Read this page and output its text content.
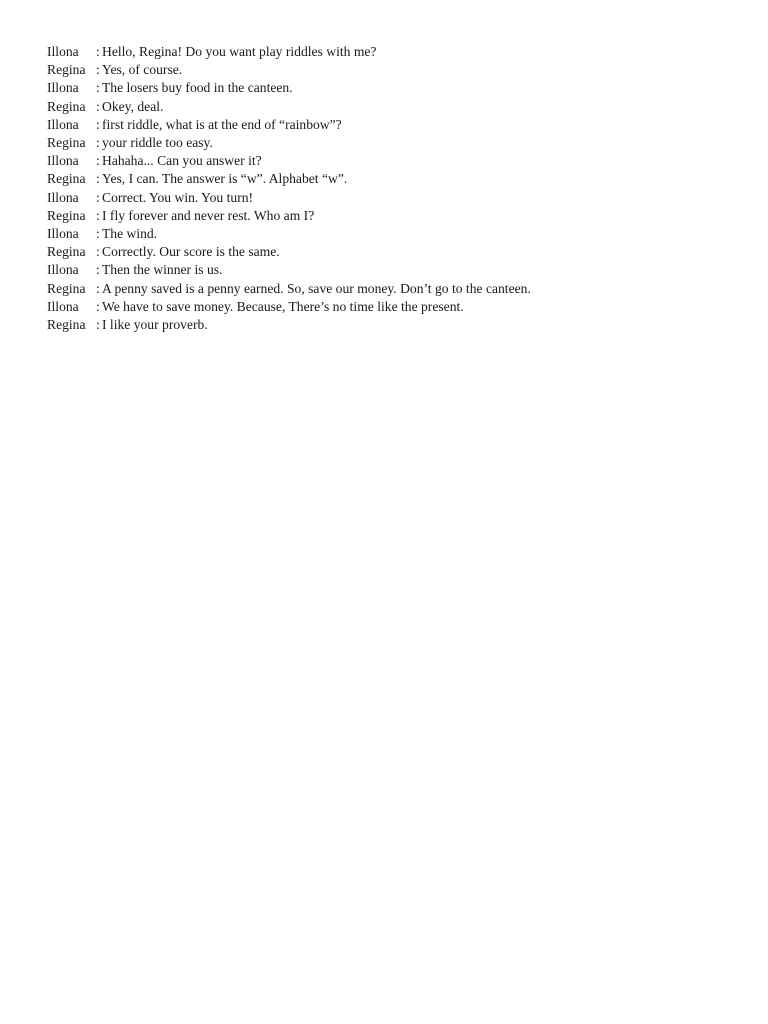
Illona	: Hello, Regina! Do you want play riddles with me?
Regina : Yes, of course.
Illona	: The losers buy food in the canteen.
Regina : Okey, deal.
Illona	: first riddle, what is at the end of “rainbow”?
Regina : your riddle too easy.
Illona	: Hahaha... Can you answer it?
Regina : Yes, I can. The answer is “w”. Alphabet “w”.
Illona	: Correct. You win. You turn!
Regina : I fly forever and never rest. Who am I?
Illona	: The wind.
Regina : Correctly. Our score is the same.
Illona	: Then the winner is us.
Regina : A penny saved is a penny earned. So, save our money. Don’t go to the canteen.
Illona	: We have to save money. Because, There’s no time like the present.
Regina : I like your proverb.
